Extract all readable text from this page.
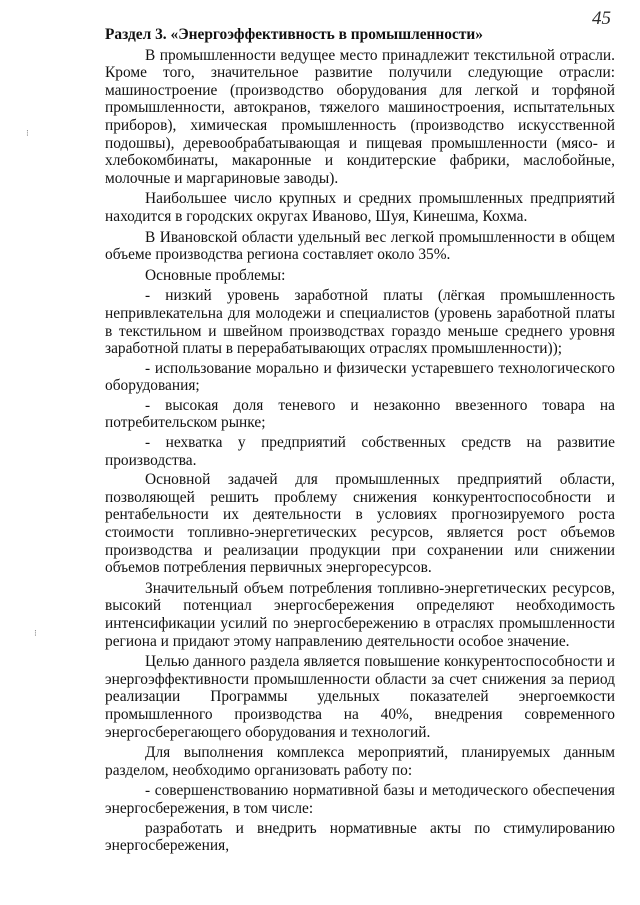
45
⁝
⁝
Раздел 3. «Энергоэффективность в промышленности»

В промышленности ведущее место принадлежит текстильной отрасли. Кроме того, значительное развитие получили следующие отрасли: машиностроение (производство оборудования для легкой и торфяной промышленности, автокранов, тяжелого машиностроения, испытательных приборов), химическая промышленность (производство искусственной подошвы), деревообрабатывающая и пищевая промышленности (мясо- и хлебокомбинаты, макаронные и кондитерские фабрики, маслобойные, молочные и маргариновые заводы).

Наибольшее число крупных и средних промышленных предприятий находится в городских округах Иваново, Шуя, Кинешма, Кохма.

В Ивановской области удельный вес легкой промышленности в общем объеме производства региона составляет около 35%.

Основные проблемы:

- низкий уровень заработной платы (лёгкая промышленность непривлекательна для молодежи и специалистов (уровень заработной платы в текстильном и швейном производствах гораздо меньше среднего уровня заработной платы в перерабатывающих отраслях промышленности));

- использование морально и физически устаревшего технологического оборудования;

- высокая доля теневого и незаконно ввезенного товара на потребительском рынке;

- нехватка у предприятий собственных средств на развитие производства.

Основной задачей для промышленных предприятий области, позволяющей решить проблему снижения конкурентоспособности и рентабельности их деятельности в условиях прогнозируемого роста стоимости топливно-энергетических ресурсов, является рост объемов производства и реализации продукции при сохранении или снижении объемов потребления первичных энергоресурсов.

Значительный объем потребления топливно-энергетических ресурсов, высокий потенциал энергосбережения определяют необходимость интенсификации усилий по энергосбережению в отраслях промышленности региона и придают этому направлению деятельности особое значение.

Целью данного раздела является повышение конкурентоспособности и энергоэффективности промышленности области за счет снижения за период реализации Программы удельных показателей энергоемкости промышленного производства на 40%, внедрения современного энергосберегающего оборудования и технологий.

Для выполнения комплекса мероприятий, планируемых данным разделом, необходимо организовать работу по:

- совершенствованию нормативной базы и методического обеспечения энергосбережения, в том числе:

разработать и внедрить нормативные акты по стимулированию энергосбережения,
